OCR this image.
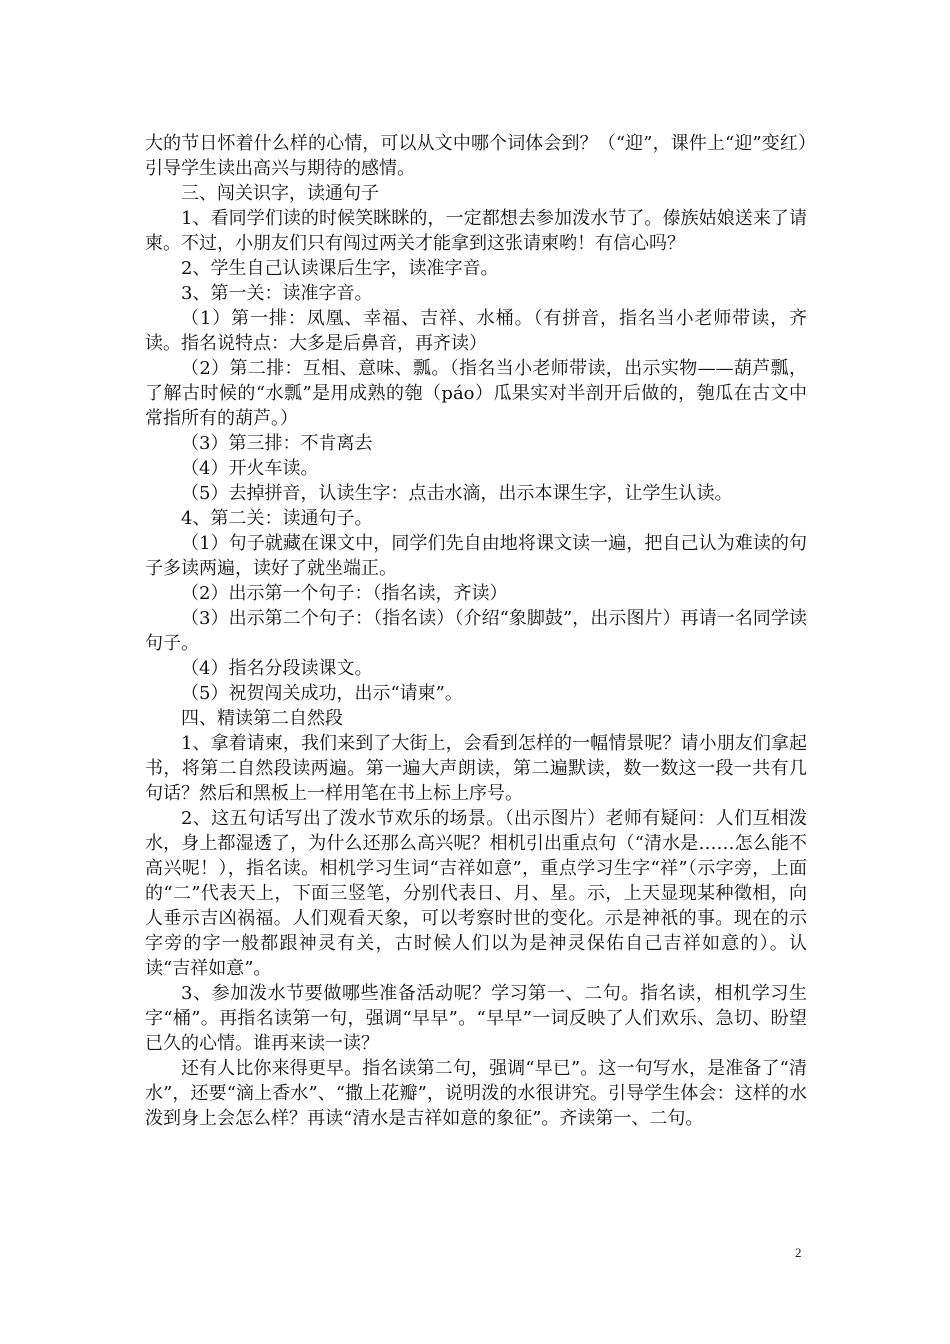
大的节日怀着什么样的心情，可以从文中哪个词体会到？（“迎”，课件上“迎”变红）引导学生读出高兴与期待的感情。

三、闯关识字，读通句子

1、看同学们读的时候笑眯眯的，一定都想去参加泼水节了。傣族姑娘送来了请柬。不过，小朋友们只有闯过两关才能拿到这张请柬哟！有信心吗？

2、学生自己认读课后生字，读准字音。

3、第一关：读准字音。

（1）第一排：凤凰、幸福、吉祥、水桶。（有拼音，指名当小老师带读，齐读。指名说特点：大多是后鼻音，再齐读）

（2）第二排：互相、意味、瓢。（指名当小老师带读，出示实物——葫芦瓢，了解古时候的“水瓢”是用成熟的匏（páo）瓜果实对半剖开后做的，匏瓜在古文中常指所有的葫芦。）

（3）第三排：不肯离去

（4）开火车读。

（5）去掉拼音，认读生字：点击水滴，出示本课生字，让学生认读。

4、第二关：读通句子。

（1）句子就藏在课文中，同学们先自由地将课文读一遍，把自己认为难读的句子多读两遍，读好了就坐端正。

（2）出示第一个句子：（指名读，齐读）

（3）出示第二个句子：（指名读）（介绍“象脚鼓”，出示图片）再请一名同学读句子。

（4）指名分段读课文。

（5）祝贺闯关成功，出示“请柬”。

四、精读第二自然段

1、拿着请柬，我们来到了大街上，会看到怎样的一幅情景呢？请小朋友们拿起书，将第二自然段读两遍。第一遍大声朗读，第二遍默读，数一数这一段一共有几句话？然后和黑板上一样用笔在书上标上序号。

2、这五句话写出了泼水节欢乐的场景。（出示图片）老师有疑问：人们互相泼水，身上都湿透了，为什么还那么高兴呢？相机引出重点句（“清水是……怎么能不高兴呢！），指名读。相机学习生词“吉祥如意”，重点学习生字“祥”（示字旁，上面的“二”代表天上，下面三竖笔，分别代表日、月、星。示，上天显现某种徵相，向人垂示吉凶祸福。人们观看天象，可以考察时世的变化。示是神祇的事。现在的示字旁的字一般都跟神灵有关，古时候人们以为是神灵保佑自己吉祥如意的）。认读“吉祥如意”。

3、参加泼水节要做哪些准备活动呢？学习第一、二句。指名读，相机学习生字“桶”。再指名读第一句，强调“早早”。“早早”一词反映了人们欢乐、急切、盼望已久的心情。谁再来读一读？

还有人比你来得更早。指名读第二句，强调“早已”。这一句写水，是准备了“清水”，还要“滴上香水”、“撒上花瓣”，说明泼的水很讲究。引导学生体会：这样的水泼到身上会怎么样？再读“清水是吉祥如意的象征”。齐读第一、二句。

2
